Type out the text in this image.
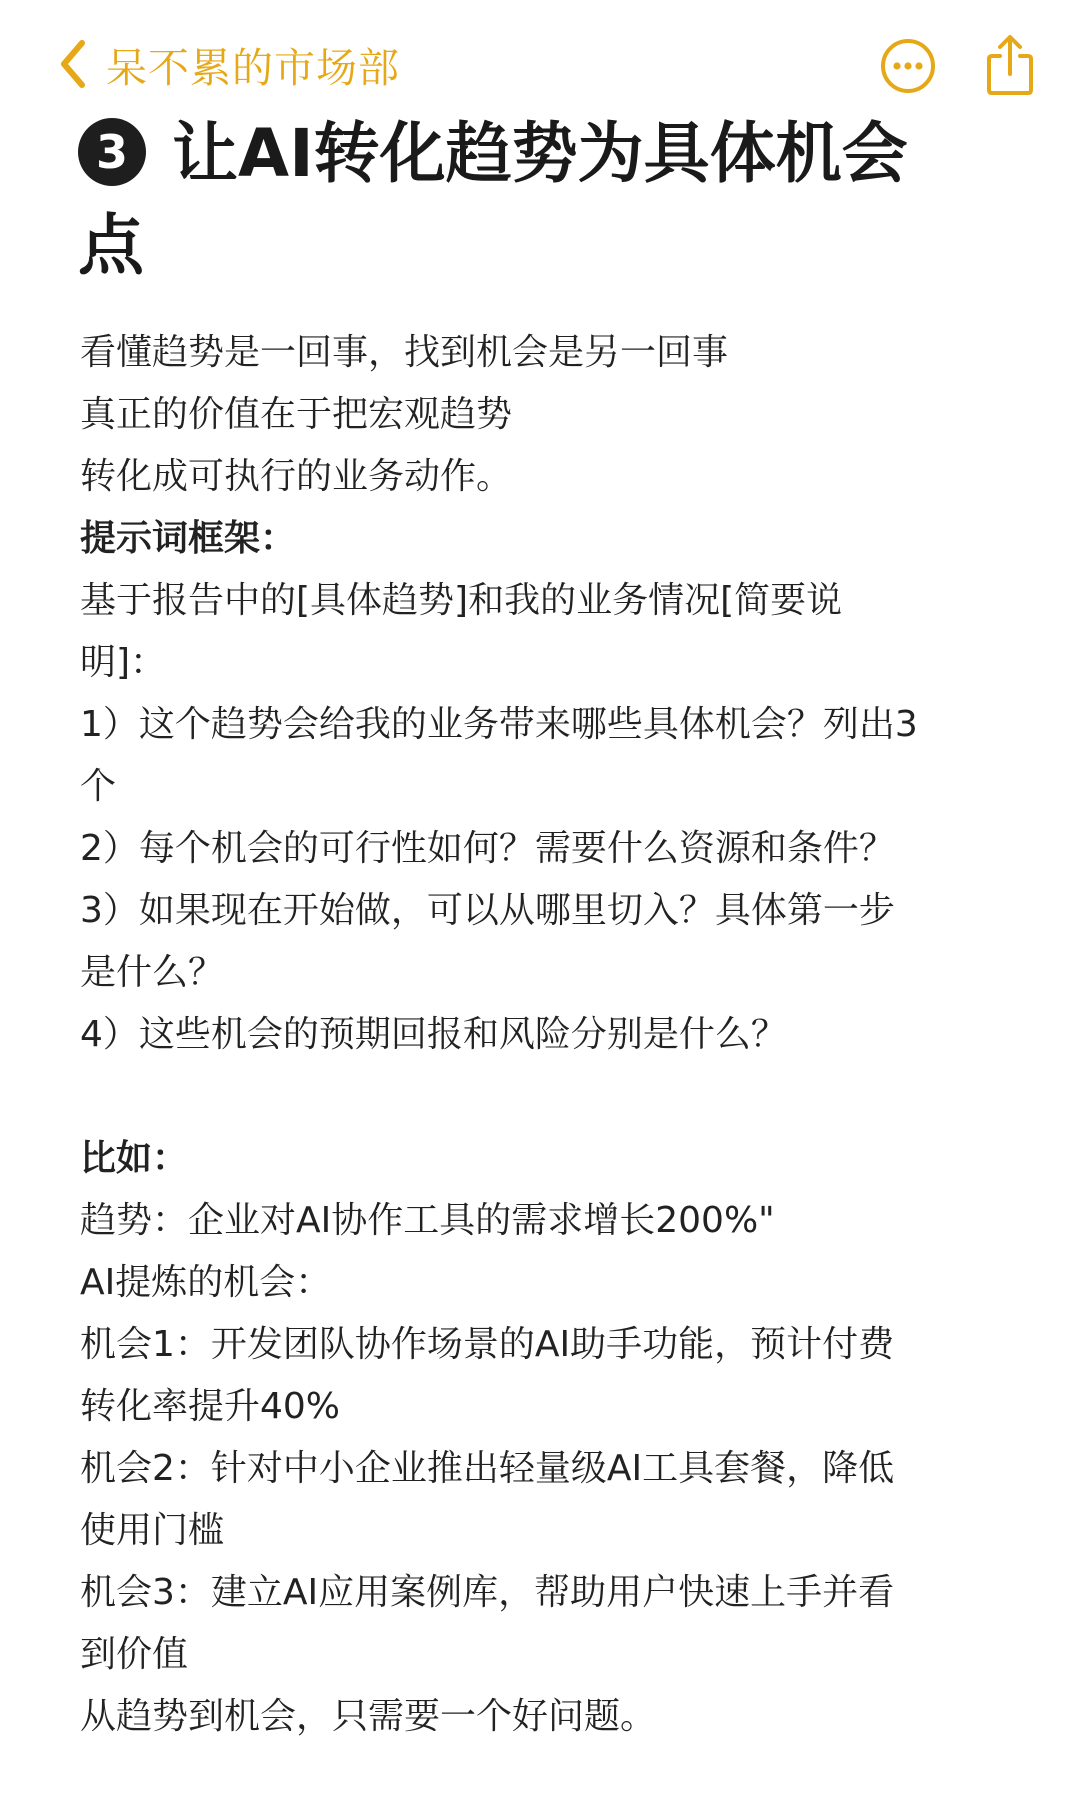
呆不累的市场部
3 让AI转化趋势为具体机会
点

看懂趋势是一回事，找到机会是另一回事

真正的价值在于把宏观趋势

转化成可执行的业务动作。

提示词框架：

基于报告中的[具体趋势]和我的业务情况[简要说

明]：

1）这个趋势会给我的业务带来哪些具体机会？列出3

个

2）每个机会的可行性如何？需要什么资源和条件？

3）如果现在开始做，可以从哪里切入？具体第一步

是什么？

4）这些机会的预期回报和风险分别是什么？

比如：

趋势：企业对AI协作工具的需求增长200%"

AI提炼的机会：

机会1：开发团队协作场景的AI助手功能，预计付费

转化率提升40%

机会2：针对中小企业推出轻量级AI工具套餐，降低

使用门槛

机会3：建立AI应用案例库，帮助用户快速上手并看

到价值

从趋势到机会，只需要一个好问题。
